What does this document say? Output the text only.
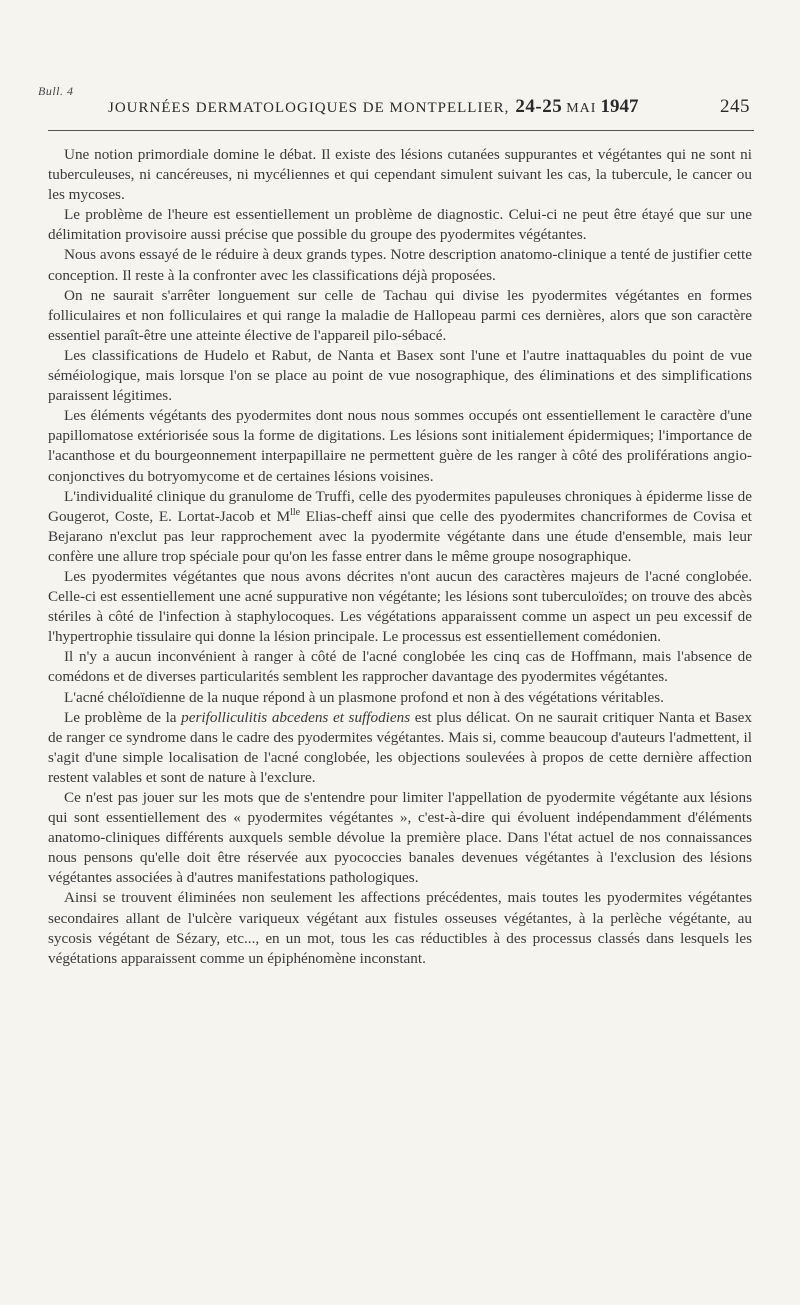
Bull. 4
JOURNÉES DERMATOLOGIQUES DE MONTPELLIER, 24-25 MAI 1947	245

Une notion primordiale domine le débat. Il existe des lésions cutanées suppurantes et végétantes qui ne sont ni tuberculeuses, ni cancéreuses, ni mycéliennes et qui cependant simulent suivant les cas, la tubercule, le cancer ou les mycoses.

Le problème de l'heure est essentiellement un problème de diagnostic. Celui-ci ne peut être étayé que sur une délimitation provisoire aussi précise que possible du groupe des pyodermites végétantes.

Nous avons essayé de le réduire à deux grands types. Notre description anatomo-clinique a tenté de justifier cette conception. Il reste à la confronter avec les classifications déjà proposées.

On ne saurait s'arrêter longuement sur celle de Tachau qui divise les pyodermites végétantes en formes folliculaires et non folliculaires et qui range la maladie de Hallopeau parmi ces dernières, alors que son caractère essentiel paraît-être une atteinte élective de l'appareil pilo-sébacé.

Les classifications de Hudelo et Rabut, de Nanta et Basex sont l'une et l'autre inattaquables du point de vue séméiologique, mais lorsque l'on se place au point de vue nosographique, des éliminations et des simplifications paraissent légitimes.

Les éléments végétants des pyodermites dont nous nous sommes occupés ont essentiellement le caractère d'une papillomatose extériorisée sous la forme de digitations. Les lésions sont initialement épidermiques; l'importance de l'acanthose et du bourgeonnement interpapillaire ne permettent guère de les ranger à côté des proliférations angio-conjonctives du botryomycome et de certaines lésions voisines.

L'individualité clinique du granulome de Truffi, celle des pyodermites papuleuses chroniques à épiderme lisse de Gougerot, Coste, E. Lortat-Jacob et $M^{lle}$ Elias-cheff ainsi que celle des pyodermites chancriformes de Covisa et Bejarano n'exclut pas leur rapprochement avec la pyodermite végétante dans une étude d'ensemble, mais leur confère une allure trop spéciale pour qu'on les fasse entrer dans le même groupe nosographique.

Les pyodermites végétantes que nous avons décrites n'ont aucun des caractères majeurs de l'acné conglobée. Celle-ci est essentiellement une acné suppurative non végétante; les lésions sont tuberculoïdes; on trouve des abcès stériles à côté de l'infection à staphylocoques. Les végétations apparaissent comme un aspect un peu excessif de l'hypertrophie tissulaire qui donne la lésion principale. Le processus est essentiellement comédonien.

Il n'y a aucun inconvénient à ranger à côté de l'acné conglobée les cinq cas de Hoffmann, mais l'absence de comédons et de diverses particularités semblent les rapprocher davantage des pyodermites végétantes.

L'acné chéloïdienne de la nuque répond à un plasmone profond et non à des végétations véritables.

Le problème de la perifolliculitis abcedens et suffodiens est plus délicat. On ne saurait critiquer Nanta et Basex de ranger ce syndrome dans le cadre des pyodermites végétantes. Mais si, comme beaucoup d'auteurs l'admettent, il s'agit d'une simple localisation de l'acné conglobée, les objections soulevées à propos de cette dernière affection restent valables et sont de nature à l'exclure.

Ce n'est pas jouer sur les mots que de s'entendre pour limiter l'appellation de pyodermite végétante aux lésions qui sont essentiellement des « pyodermites végétantes », c'est-à-dire qui évoluent indépendamment d'éléments anatomo-cliniques différents auxquels semble dévolue la première place. Dans l'état actuel de nos connaissances nous pensons qu'elle doit être réservée aux pyococcies banales devenues végétantes à l'exclusion des lésions végétantes associées à d'autres manifestations pathologiques.

Ainsi se trouvent éliminées non seulement les affections précédentes, mais toutes les pyodermites végétantes secondaires allant de l'ulcère variqueux végétant aux fistules osseuses végétantes, à la perlèche végétante, au sycosis végétant de Sézary, etc..., en un mot, tous les cas réductibles à des processus classés dans lesquels les végétations apparaissent comme un épiphénomène inconstant.
